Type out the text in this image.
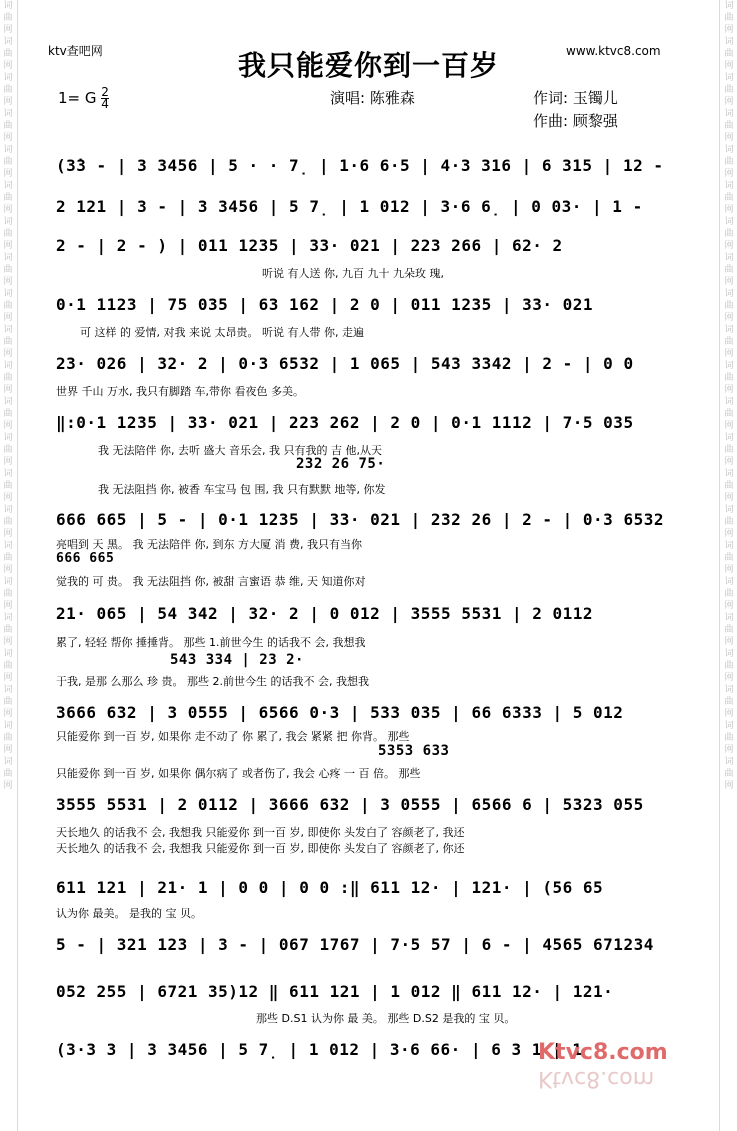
词曲网词曲网词曲网词曲网词曲网词曲网词曲网词曲网词曲网词曲网词曲网词曲网词曲网词曲网词曲网词曲网词曲网词曲网词曲网词曲网词曲网词曲网
词曲网词曲网词曲网词曲网词曲网词曲网词曲网词曲网词曲网词曲网词曲网词曲网词曲网词曲网词曲网词曲网词曲网词曲网词曲网词曲网词曲网词曲网
ktv查吧网	www.ktvc8.com
我只能爱你到一百岁
1= G $\frac{2}{4}$	演唱: 陈雅森	作词: 玉镯儿
作曲: 顾黎强
(3̇3 - | 3 3456 | 5 · · 7̣ | 1·6 6·5 | 4·3 316 | 6 315 | 12 -
2 121 | 3 - | 3 3456 | 5 7̣ | 1 012 | 3·6 6̣ | 0 03· | 1 -
2 - | 2 - ) | 011 1235 | 33· 021 | 223 266 | 62· 2
听说 有人送 你, 九百 九十 九朵玫 瑰,
0·1 1123 | 75 035 | 63 162 | 2 0 | 011 1235 | 33· 021
可 这样 的 爱情, 对我 来说 太昂贵。 听说 有人带 你, 走遍
23· 026 | 32· 2 | 0·3 6532 | 1 065 | 543 3342 | 2 - | 0 0
世界 千山 万水, 我只有脚踏 车,带你 看夜色 多美。
‖:0·1 1235 | 33· 021 | 223 262 | 2 0 | 0·1 1112 | 7·5 035
我 无法陪伴 你, 去听 盛大 音乐会, 我 只有我的 吉 他,从天
232 26 75·
我 无法阻挡 你, 被香 车宝马 包 围, 我 只有默默 地等, 你发
666 665 | 5 - | 0·1 1235 | 33· 021 | 232 26 | 2 - | 0·3 6532
亮唱到 天 黑。 我 无法陪伴 你, 到东 方大厦 消 费, 我只有当你
666 665
觉我的 可 贵。 我 无法阻挡 你, 被甜 言蜜语 恭 维, 天 知道你对
21· 065 | 54 342 | 32· 2 | 0 012 | 3555 5531 | 2 0112
累了, 轻轻 帮你 捶捶背。 那些 1.前世今生 的话我不 会, 我想我
543 334 | 23 2·
于我, 是那 么那么 珍 贵。 那些 2.前世今生 的话我不 会, 我想我
3666 632 | 3 0555 | 6566 0·3 | 533 035 | 66 6333 | 5 012
只能爱你 到一百 岁, 如果你 走不动了 你 累了, 我会 紧紧 把 你背。 那些
5353 633
只能爱你 到一百 岁, 如果你 偶尔病了 或者伤了, 我会 心疼 一 百 倍。 那些
3555 5531 | 2 0112 | 3666 632 | 3 0555 | 6566 6 | 5323 055
天长地久 的话我不 会, 我想我 只能爱你 到一百 岁, 即使你 头发白了 容颜老了, 我还
天长地久 的话我不 会, 我想我 只能爱你 到一百 岁, 即使你 头发白了 容颜老了, 你还
611 121 | 21· 1 | 0 0 | 0 0 :‖ 611 12· | 121· | (56 65
认为你 最美。 是我的 宝 贝。
5 - | 321 123 | 3 - | 067 1767 | 7·5 57 | 6 - | 4565 671234
052 255 | 6721 35)12 ‖ 611 121 | 1 012 ‖ 611 12· | 121·
那些 D.S1 认为你 最 美。 那些 D.S2 是我的 宝 贝。
(3·3 3 | 3 3456 | 5 7̣ | 1 012 | 3·6 66· | 6 3 1 | 1
Ktvc8.com
Ktvc8.com
